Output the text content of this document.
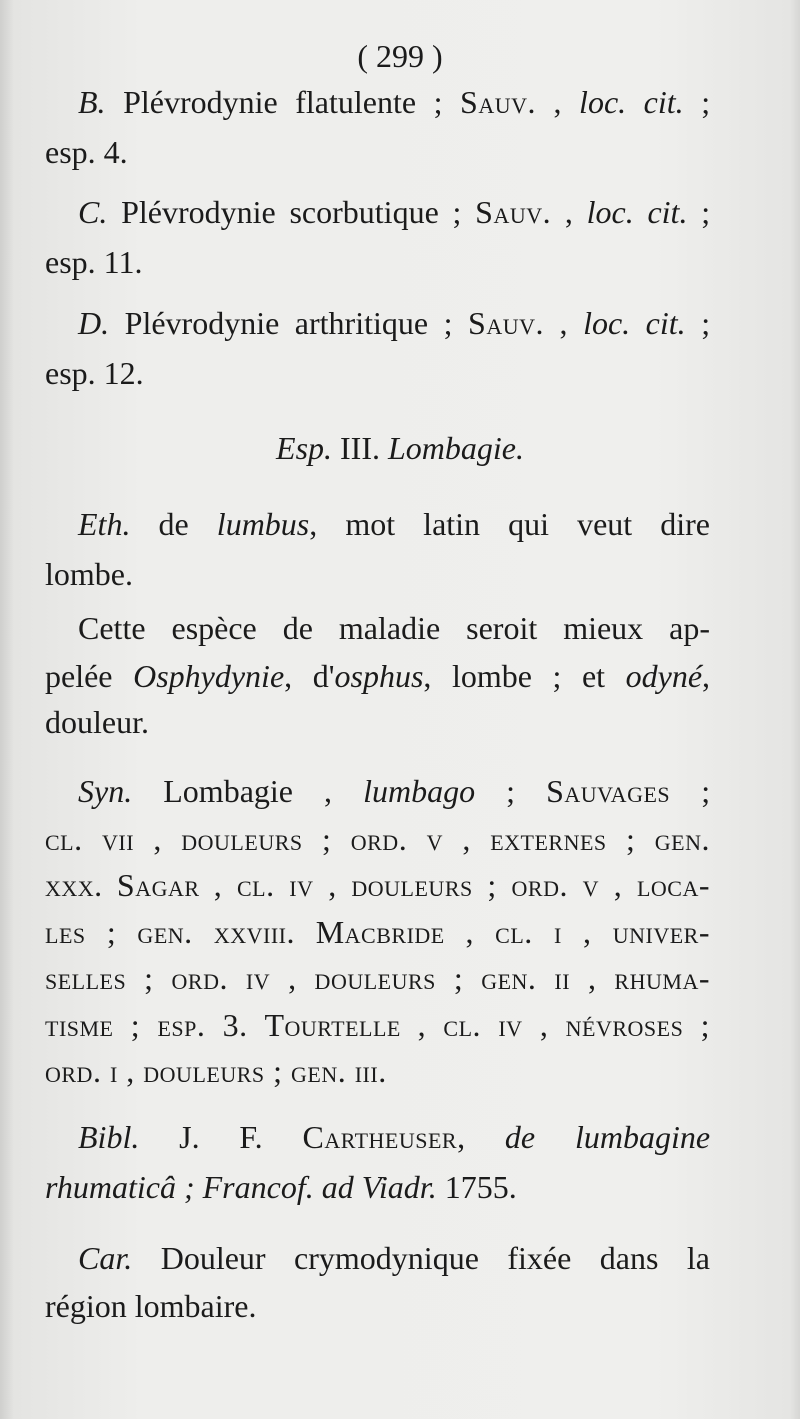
( 299 )
B. Plévrodynie flatulente ; Sauv. , loc. cit. ;
esp. 4.
C. Plévrodynie scorbutique ; Sauv. , loc. cit. ;
esp. 11.
D. Plévrodynie arthritique ; Sauv. , loc. cit. ;
esp. 12.
Esp. III. Lombagie.
Eth. de lumbus, mot latin qui veut dire
lombe.
Cette espèce de maladie seroit mieux ap-
pelée Osphydynie, d'osphus, lombe ; et odyné,
douleur.
Syn. Lombagie , lumbago ; Sauvages ;
cl. vii , douleurs ; ord. v , externes ; gen.
xxx. Sagar , cl. iv , douleurs ; ord. v , loca-
les ; gen. xxviii. Macbride , cl. i , univer-
selles ; ord. iv , douleurs ; gen. ii , rhuma-
tisme ; esp. 3. Tourtelle , cl. iv , névroses ;
ord. i , douleurs ; gen. iii.
Bibl. J. F. Cartheuser, de lumbagine
rhumaticâ ; Francof. ad Viadr. 1755.
Car. Douleur crymodynique fixée dans la
région lombaire.
